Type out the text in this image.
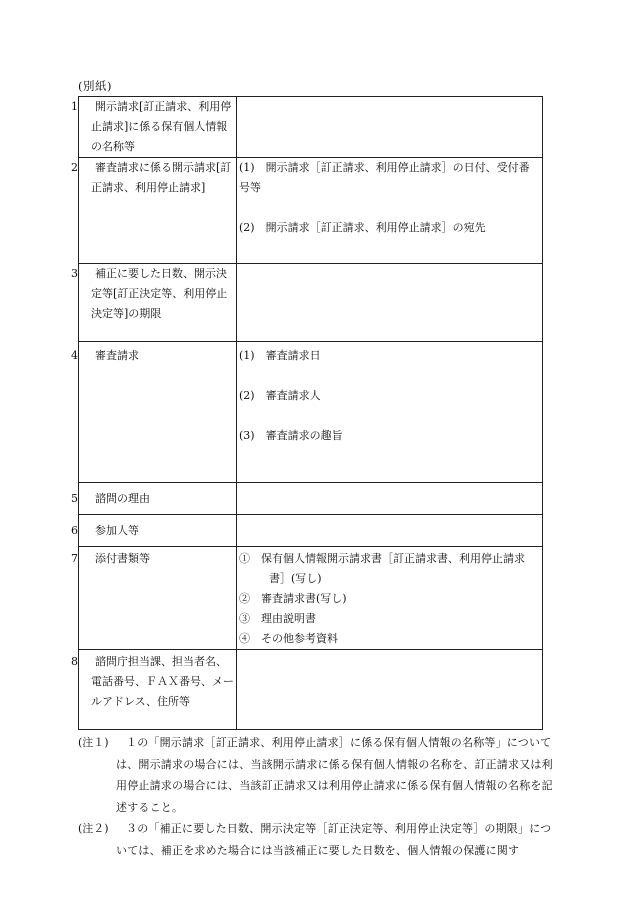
(別紙)
1 開示請求[訂正請求、利用停止請求]に係る保有個人情報の名称等	

2 審査請求に係る開示請求[訂正請求、利用停止請求]	(1)　 開示請求［訂正請求、利用停止請求］の日付、受付番号等
(2)　 開示請求［訂正請求、利用停止請求］の宛先

3 補正に要した日数、開示決定等[訂正決定等、利用停止決定等]の期限	

4 審査請求	(1)　 審査請求日
(2)　 審査請求人
(3)　 審査請求の趣旨

5 諮問の理由	

6 参加人等	

7 添付書類等	①　 保有個人情報開示請求書［訂正請求書、利用停止請求書］(写し)
②　 審査請求書(写し)
③　 理由説明書
④　 その他参考資料

8 諮問庁担当課、担当者名、電話番号、ＦＡＸ番号、メールアドレス、住所等	

(注１)	１の「開示請求［訂正請求、利用停止請求］に係る保有個人情報の名称等」については、開示請求の場合には、当該開示請求に係る保有個人情報の名称を、訂正請求又は利用停止請求の場合には、当該訂正請求又は利用停止請求に係る保有個人情報の名称を記述すること。
(注２)	３の「補正に要した日数、開示決定等［訂正決定等、利用停止決定等］の期限」については、補正を求めた場合には当該補正に要した日数を、個人情報の保護に関す
